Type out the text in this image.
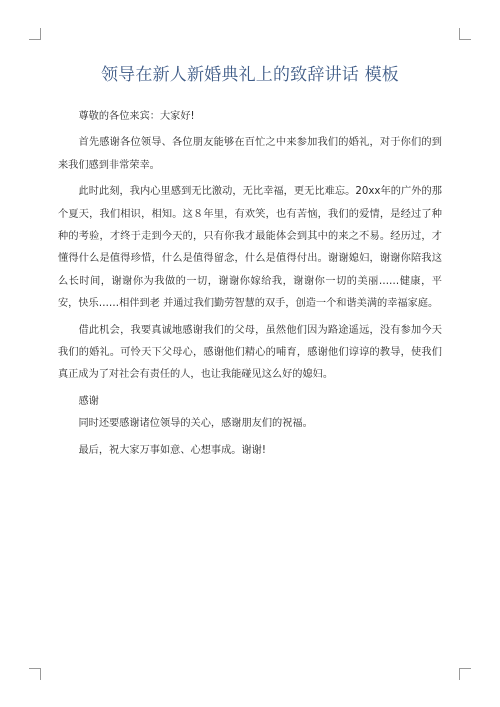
领导在新人新婚典礼上的致辞讲话 模板

尊敬的各位来宾：大家好!

首先感谢各位领导、各位朋友能够在百忙之中来参加我们的婚礼，对于你们的到来我们感到非常荣幸。

此时此刻，我内心里感到无比激动，无比幸福，更无比难忘。20xx年的广外的那个夏天，我们相识，相知。这８年里，有欢笑，也有苦恼，我们的爱情，是经过了种种的考验，才终于走到今天的，只有你我才最能体会到其中的来之不易。经历过，才懂得什么是值得珍惜，什么是值得留念，什么是值得付出。谢谢媳妇，谢谢你陪我这么长时间，谢谢你为我做的一切，谢谢你嫁给我，谢谢你一切的美丽……健康，平安，快乐……相伴到老 并通过我们勤劳智慧的双手，创造一个和谐美满的幸福家庭。

借此机会，我要真诚地感谢我们的父母，虽然他们因为路途遥远，没有参加今天我们的婚礼。可怜天下父母心，感谢他们精心的哺育，感谢他们谆谆的教导，使我们真正成为了对社会有责任的人，也让我能碰见这么好的媳妇。

感谢

同时还要感谢诸位领导的关心，感谢朋友们的祝福。

最后，祝大家万事如意、心想事成。谢谢!
